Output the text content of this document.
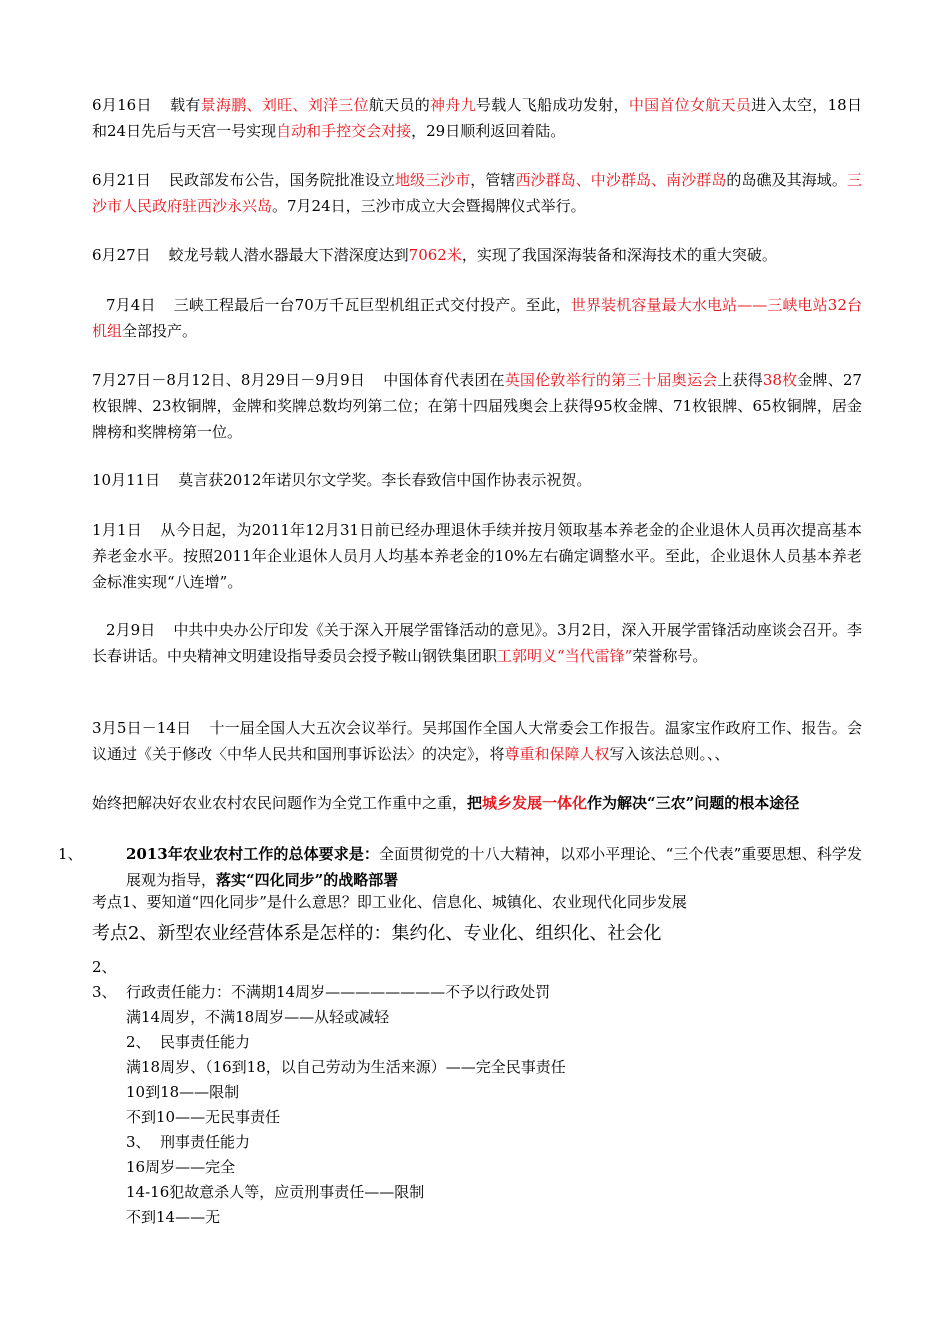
6月16日 载有景海鹏、刘旺、刘洋三位航天员的神舟九号载人飞船成功发射，中国首位女航天员进入太空，18日和24日先后与天宫一号实现自动和手控交会对接，29日顺利返回着陆。

6月21日 民政部发布公告，国务院批准设立地级三沙市，管辖西沙群岛、中沙群岛、南沙群岛的岛礁及其海域。三沙市人民政府驻西沙永兴岛。7月24日，三沙市成立大会暨揭牌仪式举行。

6月27日 蛟龙号载人潜水器最大下潜深度达到7062米，实现了我国深海装备和深海技术的重大突破。

7月4日 三峡工程最后一台70万千瓦巨型机组正式交付投产。至此，世界装机容量最大水电站——三峡电站32台机组全部投产。

7月27日－8月12日、8月29日－9月9日 中国体育代表团在英国伦敦举行的第三十届奥运会上获得38枚金牌、27枚银牌、23枚铜牌，金牌和奖牌总数均列第二位；在第十四届残奥会上获得95枚金牌、71枚银牌、65枚铜牌，居金牌榜和奖牌榜第一位。

10月11日 莫言获2012年诺贝尔文学奖。李长春致信中国作协表示祝贺。

1月1日 从今日起，为2011年12月31日前已经办理退休手续并按月领取基本养老金的企业退休人员再次提高基本养老金水平。按照2011年企业退休人员月人均基本养老金的10%左右确定调整水平。至此，企业退休人员基本养老金标准实现“八连增”。

2月9日 中共中央办公厅印发《关于深入开展学雷锋活动的意见》。3月2日，深入开展学雷锋活动座谈会召开。李长春讲话。中央精神文明建设指导委员会授予鞍山钢铁集团职工郭明义“当代雷锋”荣誉称号。

3月5日－14日 十一届全国人大五次会议举行。吴邦国作全国人大常委会工作报告。温家宝作政府工作、报告。会议通过《关于修改〈中华人民共和国刑事诉讼法〉的决定》，将尊重和保障人权写入该法总则。、、

始终把解决好农业农村农民问题作为全党工作重中之重，把城乡发展一体化作为解决“三农”问题的根本途径

1、	2013年农业农村工作的总体要求是：全面贯彻党的十八大精神，以邓小平理论、“三个代表”重要思想、科学发展观为指导，落实“四化同步”的战略部署

考点1、要知道“四化同步”是什么意思？即工业化、信息化、城镇化、农业现代化同步发展

考点2、新型农业经营体系是怎样的：集约化、专业化、组织化、社会化

2、

3、 行政责任能力：不满期14周岁————————不予以行政处罚

满14周岁，不满18周岁——从轻或减轻

2、 民事责任能力

满18周岁、（16到18，以自己劳动为生活来源）——完全民事责任

10到18——限制

不到10——无民事责任

3、 刑事责任能力

16周岁——完全

14-16犯故意杀人等，应贡刑事责任——限制

不到14——无
